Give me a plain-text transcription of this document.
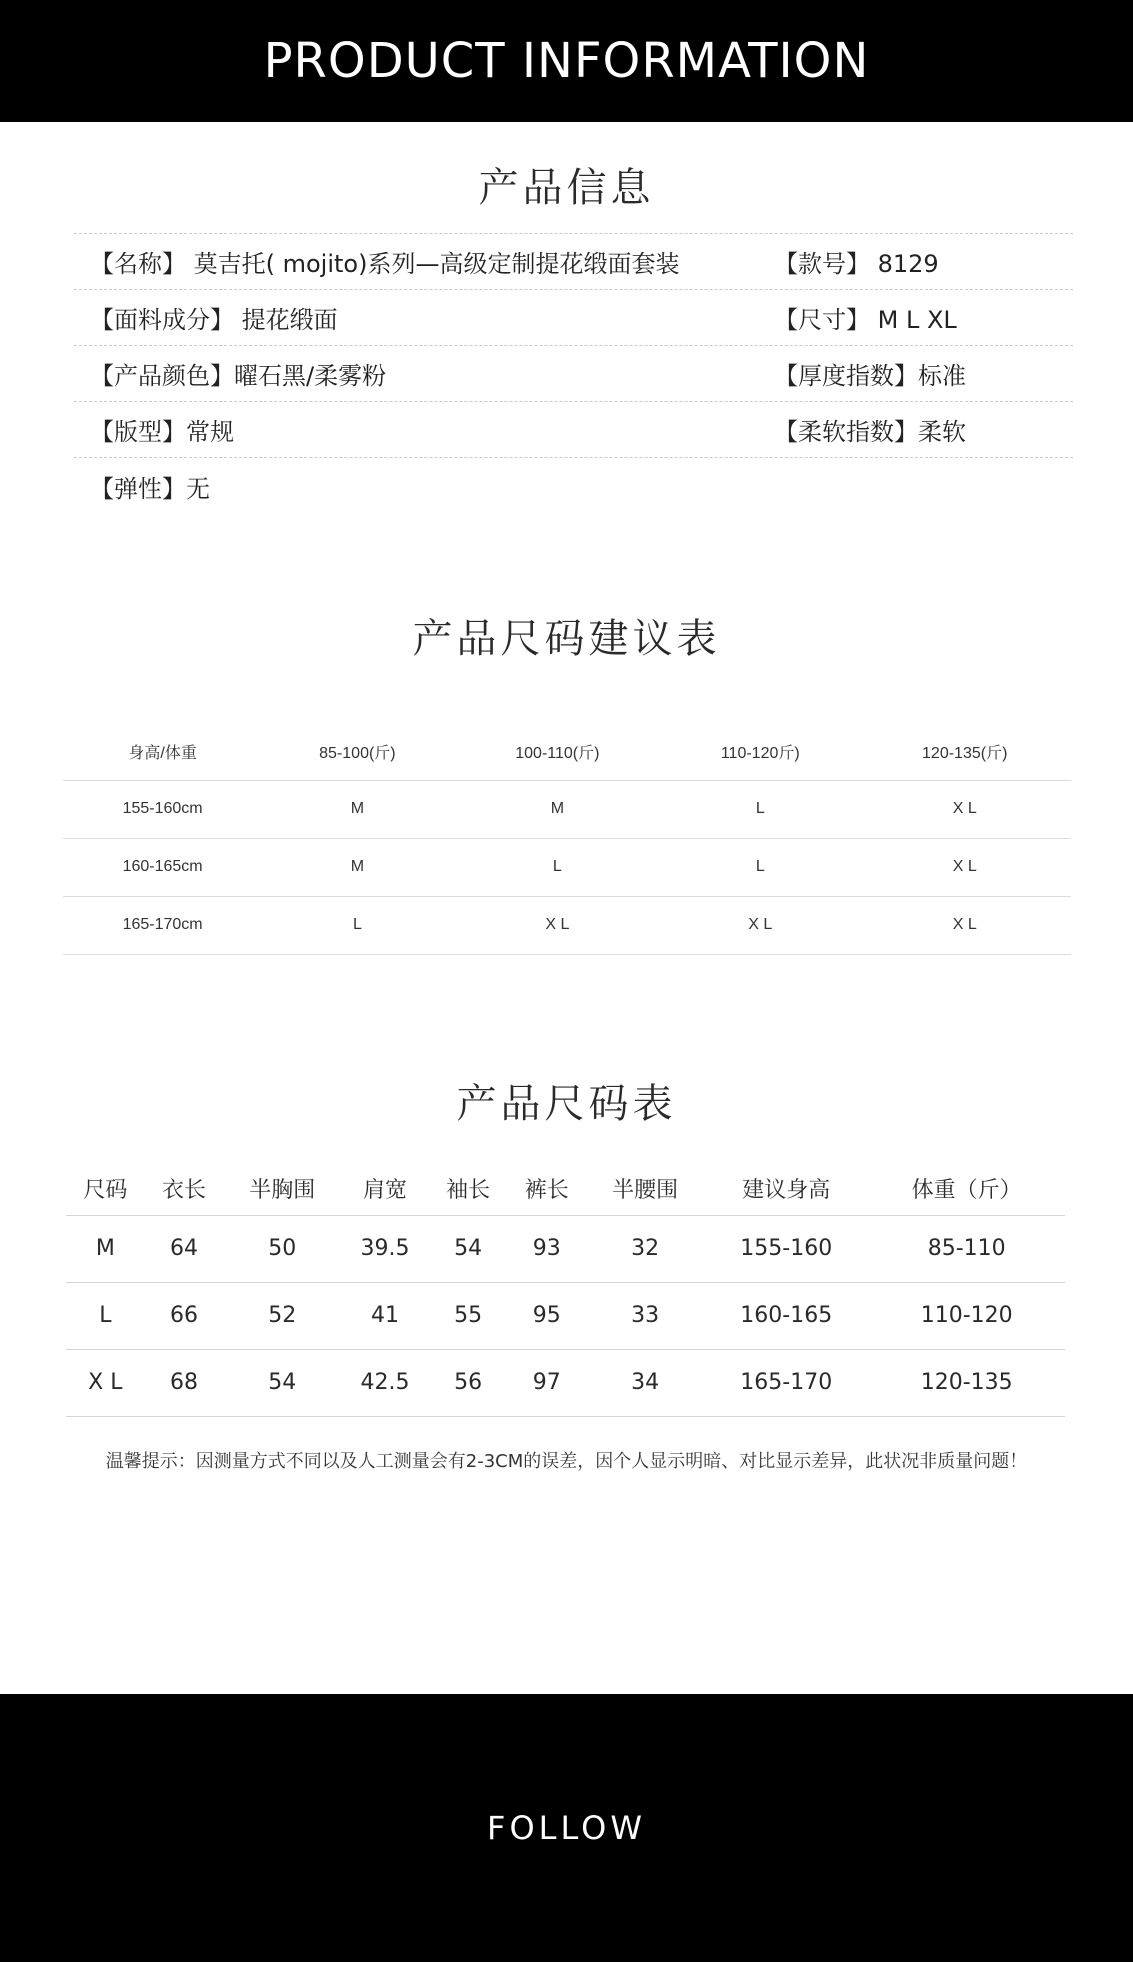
PRODUCT INFORMATION
产品信息
【名称】 莫吉托( mojito)系列—高级定制提花缎面套装	【款号】 8129
【面料成分】 提花缎面	【尺寸】 M L XL
【产品颜色】曜石黑/柔雾粉	【厚度指数】标准
【版型】常规	【柔软指数】柔软
【弹性】无
产品尺码建议表
身高/体重	85-100(斤)	100-110(斤)	110-120斤)	120-135(斤)
155-160cm	M	M	L	X L
160-165cm	M	L	L	X L
165-170cm	L	X L	X L	X L
产品尺码表
尺码	衣长	半胸围	肩宽	袖长	裤长	半腰围	建议身高	体重（斤）
M	64	50	39.5	54	93	32	155-160	85-110
L	66	52	41	55	95	33	160-165	110-120
X L	68	54	42.5	56	97	34	165-170	120-135
温馨提示：因测量方式不同以及人工测量会有2-3CM的误差，因个人显示明暗、对比显示差异，此状况非质量问题！
FOLLOW
